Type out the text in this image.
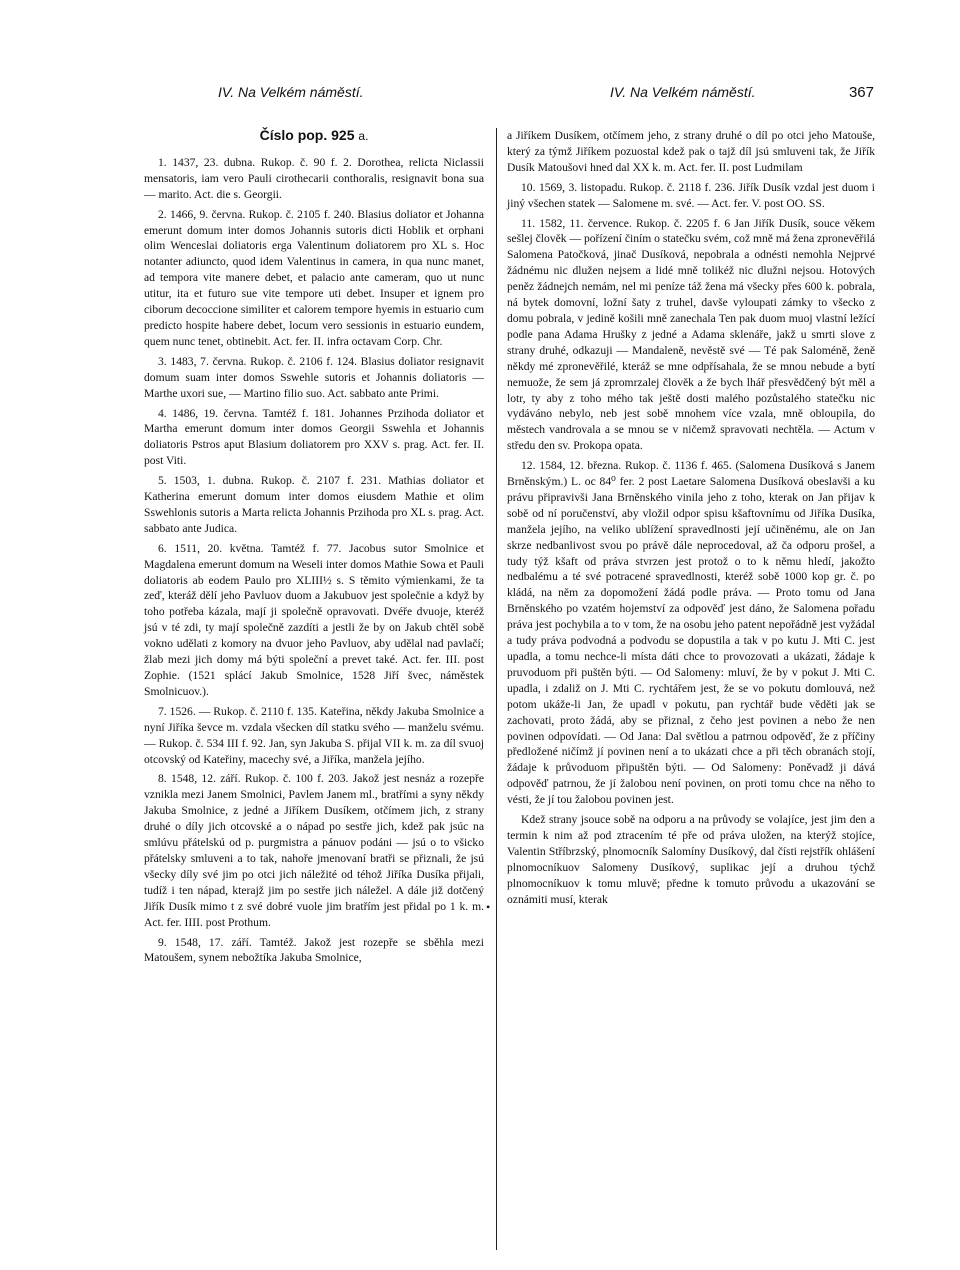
IV. Na Velkém náměstí.	IV. Na Velkém náměstí.	367
Číslo pop. 925 a.

1. 1437, 23. dubna. Rukop. č. 90 f. 2. Dorothea, relicta Niclassii mensatoris, iam vero Pauli cirothecarii conthoralis, resignavit bona sua — marito. Act. die s. Georgii.

2. 1466, 9. června. Rukop. č. 2105 f. 240. Blasius doliator et Johanna emerunt domum inter domos Johannis sutoris dicti Hoblik et orphani olim Wenceslai doliatoris erga Valentinum doliatorem pro XL s. Hoc notanter adiuncto, quod idem Valentinus in camera, in qua nunc manet, ad tempora vite manere debet, et palacio ante cameram, quo ut nunc utitur, ita et futuro sue vite tempore uti debet. Insuper et ignem pro ciborum decoccione similiter et calorem tempore hyemis in estuario cum predicto hospite habere debet, locum vero sessionis in estuario eundem, quem nunc tenet, obtinebit. Act. fer. II. infra octavam Corp. Chr.

3. 1483, 7. června. Rukop. č. 2106 f. 124. Blasius doliator resignavit domum suam inter domos Sswehle sutoris et Johannis doliatoris — Marthe uxori sue, — Martino filio suo. Act. sabbato ante Primi.

4. 1486, 19. června. Tamtéž f. 181. Johannes Przihoda doliator et Martha emerunt domum inter domos Georgii Sswehla et Johannis doliatoris Pstros aput Blasium doliatorem pro XXV s. prag. Act. fer. II. post Viti.

5. 1503, 1. dubna. Rukop. č. 2107 f. 231. Mathias doliator et Katherina emerunt domum inter domos eiusdem Mathie et olim Sswehlonis sutoris a Marta relicta Johannis Przihoda pro XL s. prag. Act. sabbato ante Judica.

6. 1511, 20. května. Tamtéž f. 77. Jacobus sutor Smolnice et Magdalena emerunt domum na Weseli inter domos Mathie Sowa et Pauli doliatoris ab eodem Paulo pro XLIII½ s. S těmito výmienkami, že ta zeď, kteráž dělí jeho Pavluov duom a Jakubuov jest společnie a když by toho potřeba kázala, mají ji společně opravovati. Dvéře dvuoje, kteréž jsú v té zdi, ty mají společně zazdíti a jestli že by on Jakub chtěl sobě vokno udělati z komory na dvuor jeho Pavluov, aby udělal nad pavlačí; žlab mezi jich domy má býti společní a prevet také. Act. fer. III. post Zophie. (1521 splácí Jakub Smolnice, 1528 Jiří švec, náměstek Smolnicuov.).

7. 1526. — Rukop. č. 2110 f. 135. Kateřina, někdy Jakuba Smolnice a nyní Jiříka ševce m. vzdala všecken díl statku svého — manželu svému. — Rukop. č. 534 III f. 92. Jan, syn Jakuba S. přijal VII k. m. za díl svuoj otcovský od Kateřiny, macechy své, a Jiříka, manžela jejího.

8. 1548, 12. září. Rukop. č. 100 f. 203. Jakož jest nesnáz a rozepře vznikla mezi Janem Smolnici, Pavlem Janem ml., bratřími a syny někdy Jakuba Smolnice, z jedné a Jiříkem Dusíkem, otčímem jich, z strany druhé o díly jich otcovské a o nápad po sestře jich, kdež pak jsúc na smlúvu přátelskú od p. purgmistra a pánuov podáni — jsú o to všicko přátelsky smluveni a to tak, nahoře jmenovaní bratři se přiznali, že jsú všecky díly své jim po otci jich náležité od téhož Jiříka Dusíka přijali, tudíž i ten nápad, kterajž jim po sestře jich náležel. A dále již dotčený Jiřík Dusík mimo t z své dobré vuole jim bratřím jest přidal po 1 k. m. Act. fer. IIII. post Prothum.

9. 1548, 17. září. Tamtéž. Jakož jest rozepře se sběhla mezi Matoušem, synem nebožtíka Jakuba Smolnice,

•

a Jiříkem Dusíkem, otčímem jeho, z strany druhé o díl po otci jeho Matouše, který za týmž Jiříkem pozuostal kdež pak o tajž díl jsú smluveni tak, že Jiřík Dusík Matoušovi hned dal XX k. m. Act. fer. II. post Ludmilam

10. 1569, 3. listopadu. Rukop. č. 2118 f. 236. Jiřík Dusík vzdal jest duom i jiný všechen statek — Salomene m. své. — Act. fer. V. post OO. SS.

11. 1582, 11. července. Rukop. č. 2205 f. 6 Jan Jiřík Dusík, souce věkem sešlej člověk — pořízení činím o statečku svém, což mně má žena zpronevěřilá Salomena Patočková, jinač Dusíková, nepobrala a odnésti nemohla Nejprvé žádnému nic dlužen nejsem a lidé mně tolikéž nic dlužni nejsou. Hotových peněz žádnejch nemám, nel mi peníze táž žena má všecky přes 600 k. pobrala, ná bytek domovní, ložní šaty z truhel, davše vyloupati zámky to všecko z domu pobrala, v jedině košili mně zanechala Ten pak duom muoj vlastní ležící podle pana Adama Hrušky z jedné a Adama sklenáře, jakž u smrti slove z strany druhé, odkazuji — Mandaleně, nevěstě své — Té pak Saloméně, ženě někdy mé zpronevěřilé, kteráž se mne odpřísahala, že se mnou nebude a bytí nemuože, že sem já zpromrzalej člověk a že bych lhář přesvědčený být měl a lotr, ty aby z toho mého tak ještě dosti malého pozůstalého statečku nic vydáváno nebylo, neb jest sobě mnohem více vzala, mně obloupila, do městech vandrovala a se mnou se v ničemž spravovati nechtěla. — Actum v středu den sv. Prokopa opata.

12. 1584, 12. března. Rukop. č. 1136 f. 465. (Salomena Dusíková s Janem Brněnským.) L. oc 84⁰ fer. 2 post Laetare Salomena Dusíková obeslavši a ku právu připravivši Jana Brněnského vinila jeho z toho, kterak on Jan přijav k sobě od ní poručenství, aby vložil odpor spisu kšaftovnímu od Jiříka Dusíka, manžela jejího, na veliko ublížení spravedlnosti její učiněnému, ale on Jan skrze nedbanlivost svou po právě dále neprocedoval, až ča odporu prošel, a tudy týž kšaft od práva stvrzen jest protož o to k němu hledí, jakožto nedbalému a té své potracené spravedlnosti, kteréž sobě 1000 kop gr. č. po kládá, na něm za dopomožení žádá podle práva. — Proto tomu od Jana Brněnského po vzatém hojemství za odpověď jest dáno, že Salomena pořadu práva jest pochybila a to v tom, že na osobu jeho patent nepořádně jest vyžádal a tudy práva podvodná a podvodu se dopustila a tak v po kutu J. Mti C. jest upadla, a tomu nechce-li místa dáti chce to provozovati a ukázati, žádaje k pruvoduom při puštěn býti. — Od Salomeny: mluví, že by v pokut J. Mti C. upadla, i zdaliž on J. Mti C. rychtářem jest, že se vo pokutu domlouvá, než potom ukáže-li Jan, že upadl v pokutu, pan rychtář bude věděti jak se zachovati, proto žádá, aby se přiznal, z čeho jest povinen a nebo že nen povinen odpovídati. — Od Jana: Dal světlou a patrnou odpověď, že z příčiny předložené ničímž jí povinen není a to ukázati chce a při těch obranách stojí, žádaje k průvoduom připuštěn býti. — Od Salomeny: Poněvadž ji dává odpověď patrnou, že jí žalobou není povinen, on proti tomu chce na něho to vésti, že jí tou žalobou povinen jest.

Kdež strany jsouce sobě na odporu a na průvody se volajíce, jest jim den a termin k nim až pod ztracením té pře od práva uložen, na kterýž stojíce, Valentin Stříbrzský, plnomocník Salomíny Dusíkový, dal čísti rejstřík ohlášení plnomocníkuov Salomeny Dusíkový, suplikac její a druhou týchž plnomocníkuov k tomu mluvě; předne k tomuto průvodu a ukazování se oznámiti musí, kterak
